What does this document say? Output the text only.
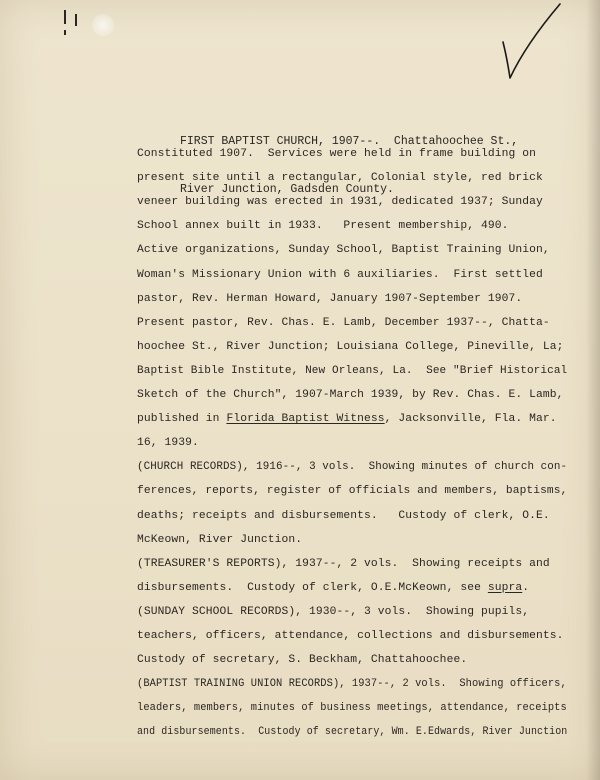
FIRST BAPTIST CHURCH, 1907--.  Chattahoochee St.,

River Junction, Gadsden County.

Constituted 1907.  Services were held in frame building on
present site until a rectangular, Colonial style, red brick
veneer building was erected in 1931, dedicated 1937; Sunday
School annex built in 1933.   Present membership, 490.
Active organizations, Sunday School, Baptist Training Union,
Woman's Missionary Union with 6 auxiliaries.  First settled
pastor, Rev. Herman Howard, January 1907-September 1907.
Present pastor, Rev. Chas. E. Lamb, December 1937--, Chatta-
hoochee St., River Junction; Louisiana College, Pineville, La;
Baptist Bible Institute, New Orleans, La.  See "Brief Historical
Sketch of the Church", 1907-March 1939, by Rev. Chas. E. Lamb,
published in Florida Baptist Witness, Jacksonville, Fla. Mar.
16, 1939.
(CHURCH RECORDS), 1916--, 3 vols.  Showing minutes of church con-
ferences, reports, register of officials and members, baptisms,
deaths; receipts and disbursements.   Custody of clerk, O.E.
McKeown, River Junction.
(TREASURER'S REPORTS), 1937--, 2 vols.  Showing receipts and
disbursements.  Custody of clerk, O.E.McKeown, see supra.
(SUNDAY SCHOOL RECORDS), 1930--, 3 vols.  Showing pupils,
teachers, officers, attendance, collections and disbursements.
Custody of secretary, S. Beckham, Chattahoochee.
(BAPTIST TRAINING UNION RECORDS), 1937--, 2 vols.  Showing officers,
leaders, members, minutes of business meetings, attendance, receipts
and disbursements.  Custody of secretary, Wm. E.Edwards, River Junction
